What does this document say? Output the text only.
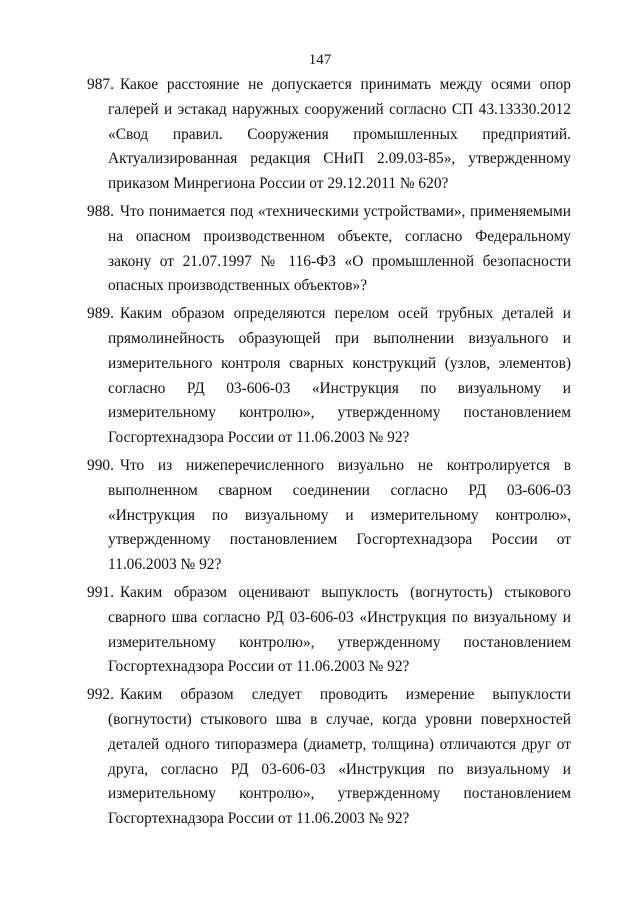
147
987. Какое расстояние не допускается принимать между осями опор галерей и эстакад наружных сооружений согласно СП 43.13330.2012 «Свод правил. Сооружения промышленных предприятий. Актуализированная редакция СНиП 2.09.03-85», утвержденному приказом Минрегиона России от 29.12.2011 № 620?
988. Что понимается под «техническими устройствами», применяемыми на опасном производственном объекте, согласно Федеральному закону от 21.07.1997 № 116-ФЗ «О промышленной безопасности опасных производственных объектов»?
989. Каким образом определяются перелом осей трубных деталей и прямолинейность образующей при выполнении визуального и измерительного контроля сварных конструкций (узлов, элементов) согласно РД 03-606-03 «Инструкция по визуальному и измерительному контролю», утвержденному постановлением Госгортехнадзора России от 11.06.2003 № 92?
990. Что из нижеперечисленного визуально не контролируется в выполненном сварном соединении согласно РД 03-606-03 «Инструкция по визуальному и измерительному контролю», утвержденному постановлением Госгортехнадзора России от 11.06.2003 № 92?
991. Каким образом оценивают выпуклость (вогнутость) стыкового сварного шва согласно РД 03-606-03 «Инструкция по визуальному и измерительному контролю», утвержденному постановлением Госгортехнадзора России от 11.06.2003 № 92?
992. Каким образом следует проводить измерение выпуклости (вогнутости) стыкового шва в случае, когда уровни поверхностей деталей одного типоразмера (диаметр, толщина) отличаются друг от друга, согласно РД 03-606-03 «Инструкция по визуальному и измерительному контролю», утвержденному постановлением Госгортехнадзора России от 11.06.2003 № 92?
